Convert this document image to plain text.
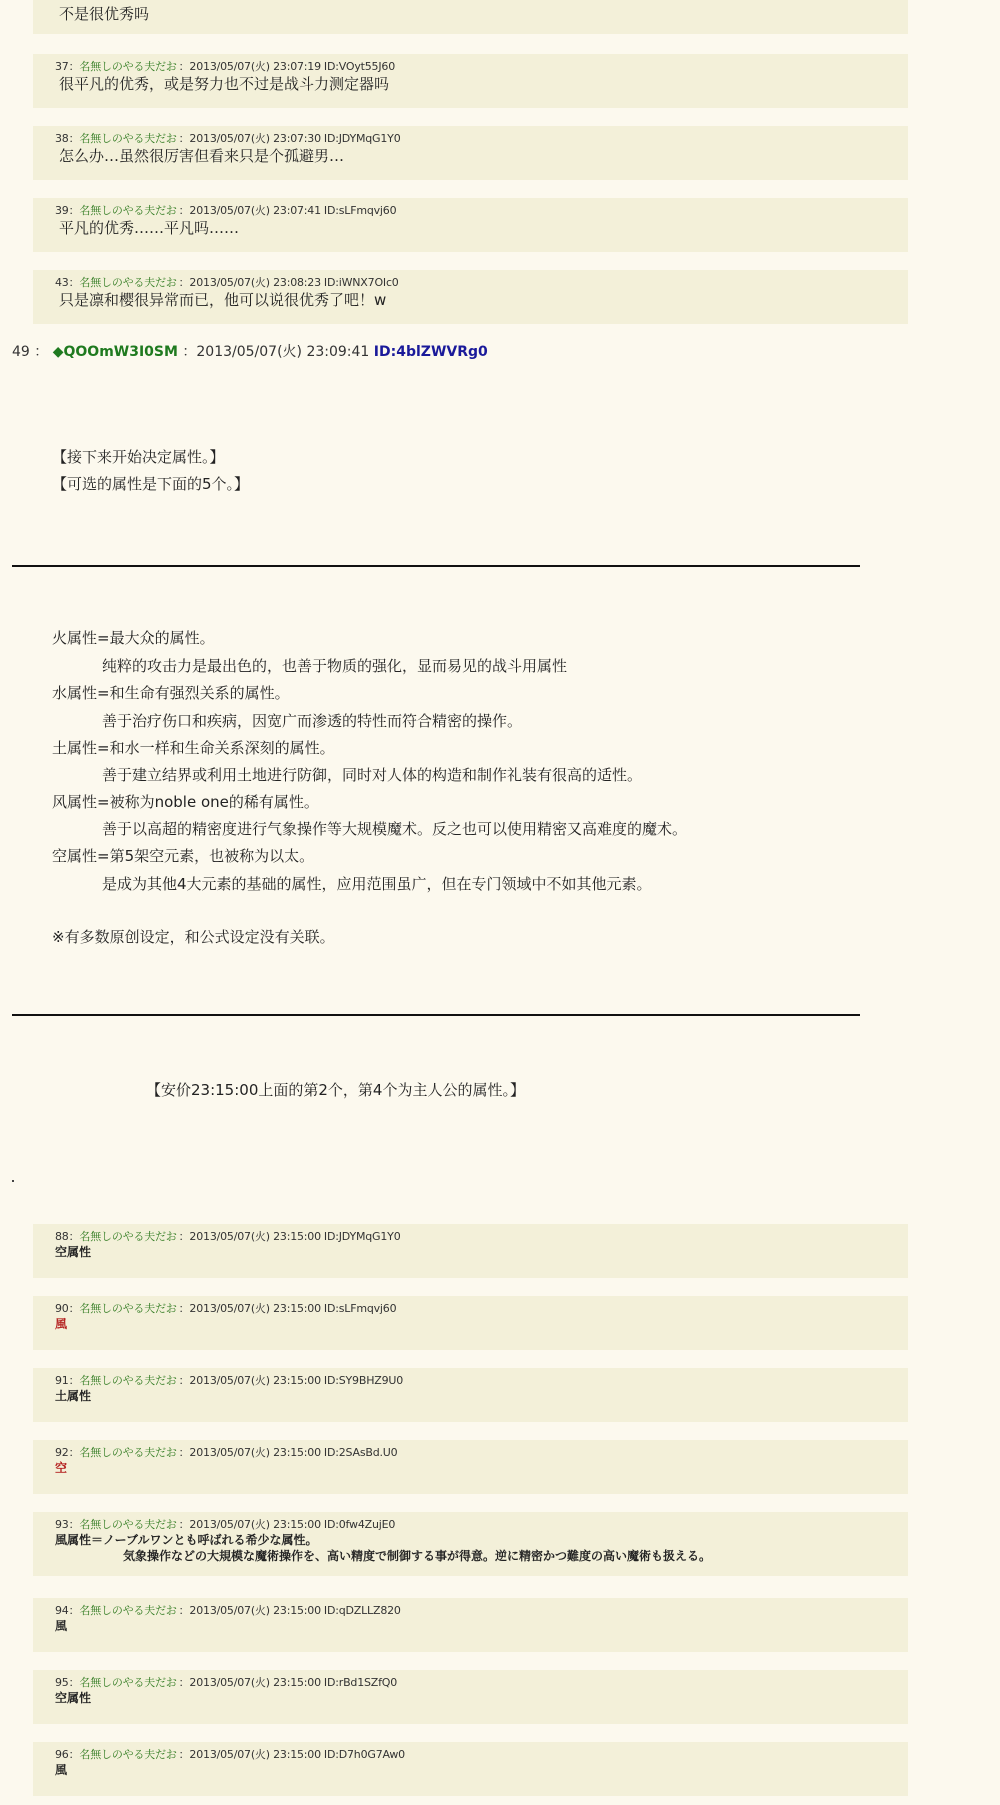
不是很优秀吗
37：名無しのやる夫だお ：2013/05/07(火) 23:07:19 ID:VOyt55J60
很平凡的优秀，或是努力也不过是战斗力测定器吗
38：名無しのやる夫だお ：2013/05/07(火) 23:07:30 ID:JDYMqG1Y0
怎么办…虽然很厉害但看来只是个孤避男…
39：名無しのやる夫だお ：2013/05/07(火) 23:07:41 ID:sLFmqvj60
平凡的优秀……平凡吗……
43：名無しのやる夫だお ：2013/05/07(火) 23:08:23 ID:iWNX7OIc0
只是凛和樱很异常而已，他可以说很优秀了吧！w
49 ： ◆QOOmW3I0SM ：2013/05/07(火) 23:09:41 ID:4blZWVRg0
【接下来开始决定属性。】
【可选的属性是下面的5个。】
火属性=最大众的属性。
纯粹的攻击力是最出色的，也善于物质的强化，显而易见的战斗用属性
水属性=和生命有强烈关系的属性。
善于治疗伤口和疾病，因宽广而渗透的特性而符合精密的操作。
土属性=和水一样和生命关系深刻的属性。
善于建立结界或利用土地进行防御，同时对人体的构造和制作礼装有很高的适性。
风属性=被称为noble one的稀有属性。
善于以高超的精密度进行气象操作等大规模魔术。反之也可以使用精密又高难度的魔术。
空属性=第5架空元素，也被称为以太。
是成为其他4大元素的基础的属性，应用范围虽广，但在专门领域中不如其他元素。
※有多数原创设定，和公式设定没有关联。
【安价23:15:00上面的第2个，第4个为主人公的属性。】
88：名無しのやる夫だお ：2013/05/07(火) 23:15:00 ID:JDYMqG1Y0
空属性
90：名無しのやる夫だお ：2013/05/07(火) 23:15:00 ID:sLFmqvj60
風
91：名無しのやる夫だお ：2013/05/07(火) 23:15:00 ID:SY9BHZ9U0
土属性
92：名無しのやる夫だお ：2013/05/07(火) 23:15:00 ID:2SAsBd.U0
空
93：名無しのやる夫だお ：2013/05/07(火) 23:15:00 ID:0fw4ZujE0
風属性＝ノーブルワンとも呼ばれる希少な属性。
気象操作などの大規模な魔術操作を、高い精度で制御する事が得意。逆に精密かつ難度の高い魔術も扱える。
94：名無しのやる夫だお ：2013/05/07(火) 23:15:00 ID:qDZLLZ820
風
95：名無しのやる夫だお ：2013/05/07(火) 23:15:00 ID:rBd1SZfQ0
空属性
96：名無しのやる夫だお ：2013/05/07(火) 23:15:00 ID:D7h0G7Aw0
風
